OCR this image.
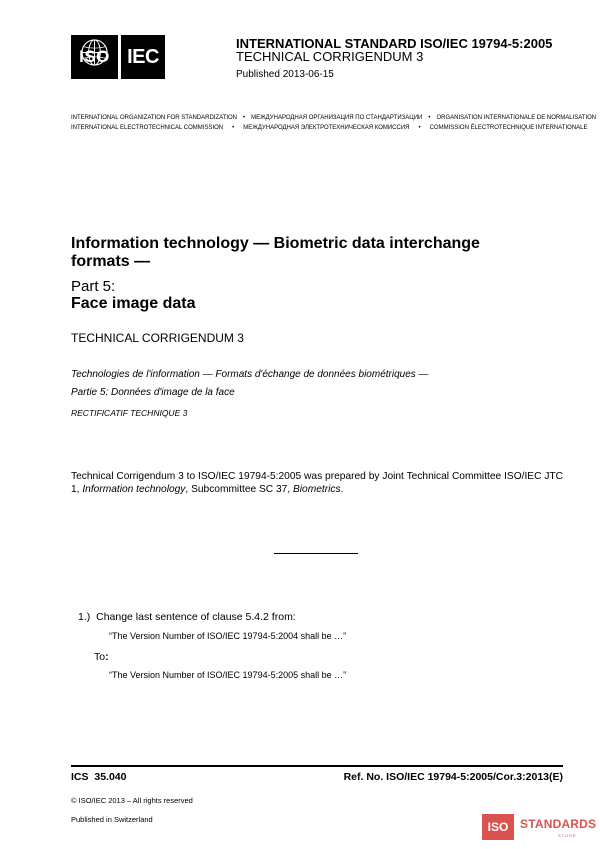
ISO IEC
INTERNATIONAL STANDARD ISO/IEC 19794-5:2005
TECHNICAL CORRIGENDUM 3
Published 2013-06-15
INTERNATIONAL ORGANIZATION FOR STANDARDIZATION • МЕЖДУНАРОДНАЯ ОРГАНИЗАЦИЯ ПО СТАНДАРТИЗАЦИИ • ORGANISATION INTERNATIONALE DE NORMALISATION
INTERNATIONAL ELECTROTECHNICAL COMMISSION • МЕЖДУНАРОДНАЯ ЭЛЕКТРОТЕХНИЧЕСКАЯ КОМИССИЯ • COMMISSION ÉLECTROTECHNIQUE INTERNATIONALE
Information technology — Biometric data interchange formats —
Part 5:
Face image data
TECHNICAL CORRIGENDUM 3
Technologies de l'information — Formats d'échange de données biométriques —
Partie 5: Données d'image de la face
RECTIFICATIF TECHNIQUE 3
Technical Corrigendum 3 to ISO/IEC 19794-5:2005 was prepared by Joint Technical Committee ISO/IEC JTC 1, Information technology, Subcommittee SC 37, Biometrics.
1.) Change last sentence of clause 5.4.2 from:
“The Version Number of ISO/IEC 19794-5:2004 shall be …”
To:
“The Version Number of ISO/IEC 19794-5:2005 shall be …”
ICS 35.040	Ref. No. ISO/IEC 19794-5:2005/Cor.3:2013(E)
© ISO/IEC 2013 – All rights reserved
Published in Switzerland
ISO STANDARDS
STORE
